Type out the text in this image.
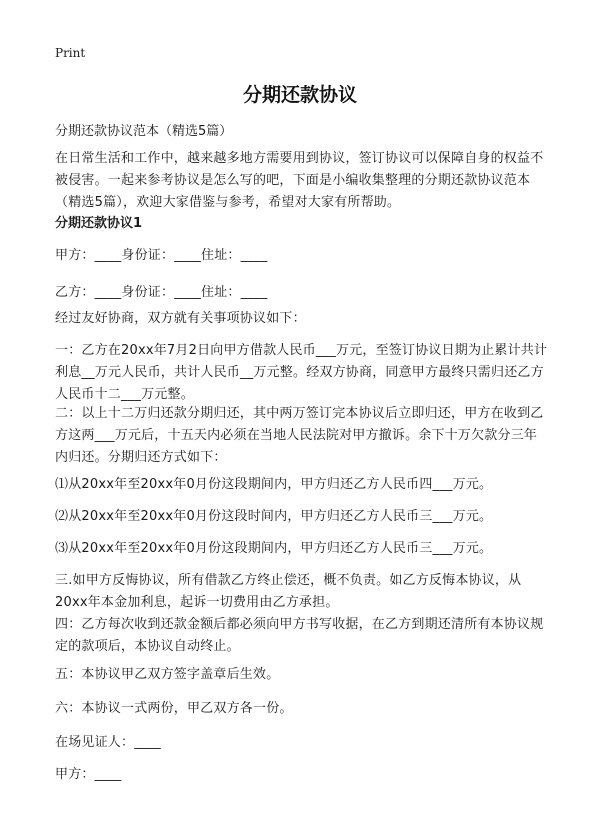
Print
分期还款协议
分期还款协议范本（精选5篇）

在日常生活和工作中，越来越多地方需要用到协议，签订协议可以保障自身的权益不被侵害。一起来参考协议是怎么写的吧，下面是小编收集整理的分期还款协议范本（精选5篇），欢迎大家借鉴与参考，希望对大家有所帮助。

分期还款协议1

甲方：____身份证：____住址：____

乙方：____身份证：____住址：____

经过友好协商，双方就有关事项协议如下：

一：乙方在20xx年7月2日向甲方借款人民币___万元，至签订协议日期为止累计共计利息__万元人民币，共计人民币__万元整。经双方协商，同意甲方最终只需归还乙方人民币十二___万元整。

二：以上十二万归还款分期归还，其中两万签订完本协议后立即归还，甲方在收到乙方这两___万元后，十五天内必须在当地人民法院对甲方撤诉。余下十万欠款分三年内归还。分期归还方式如下：

⑴从20xx年至20xx年0月份这段期间内，甲方归还乙方人民币四___万元。

⑵从20xx年至20xx年0月份这段时间内，甲方归还乙方人民币三___万元。

⑶从20xx年至20xx年0月份这段期间内，甲方归还乙方人民币三___万元。

三.如甲方反悔协议，所有借款乙方终止偿还，概不负责。如乙方反悔本协议，从20xx年本金加利息，起诉一切费用由乙方承担。

四：乙方每次收到还款金额后都必须向甲方书写收据，在乙方到期还清所有本协议规定的款项后，本协议自动终止。

五：本协议甲乙双方签字盖章后生效。

六：本协议一式两份，甲乙双方各一份。

在场见证人：____

甲方：____
